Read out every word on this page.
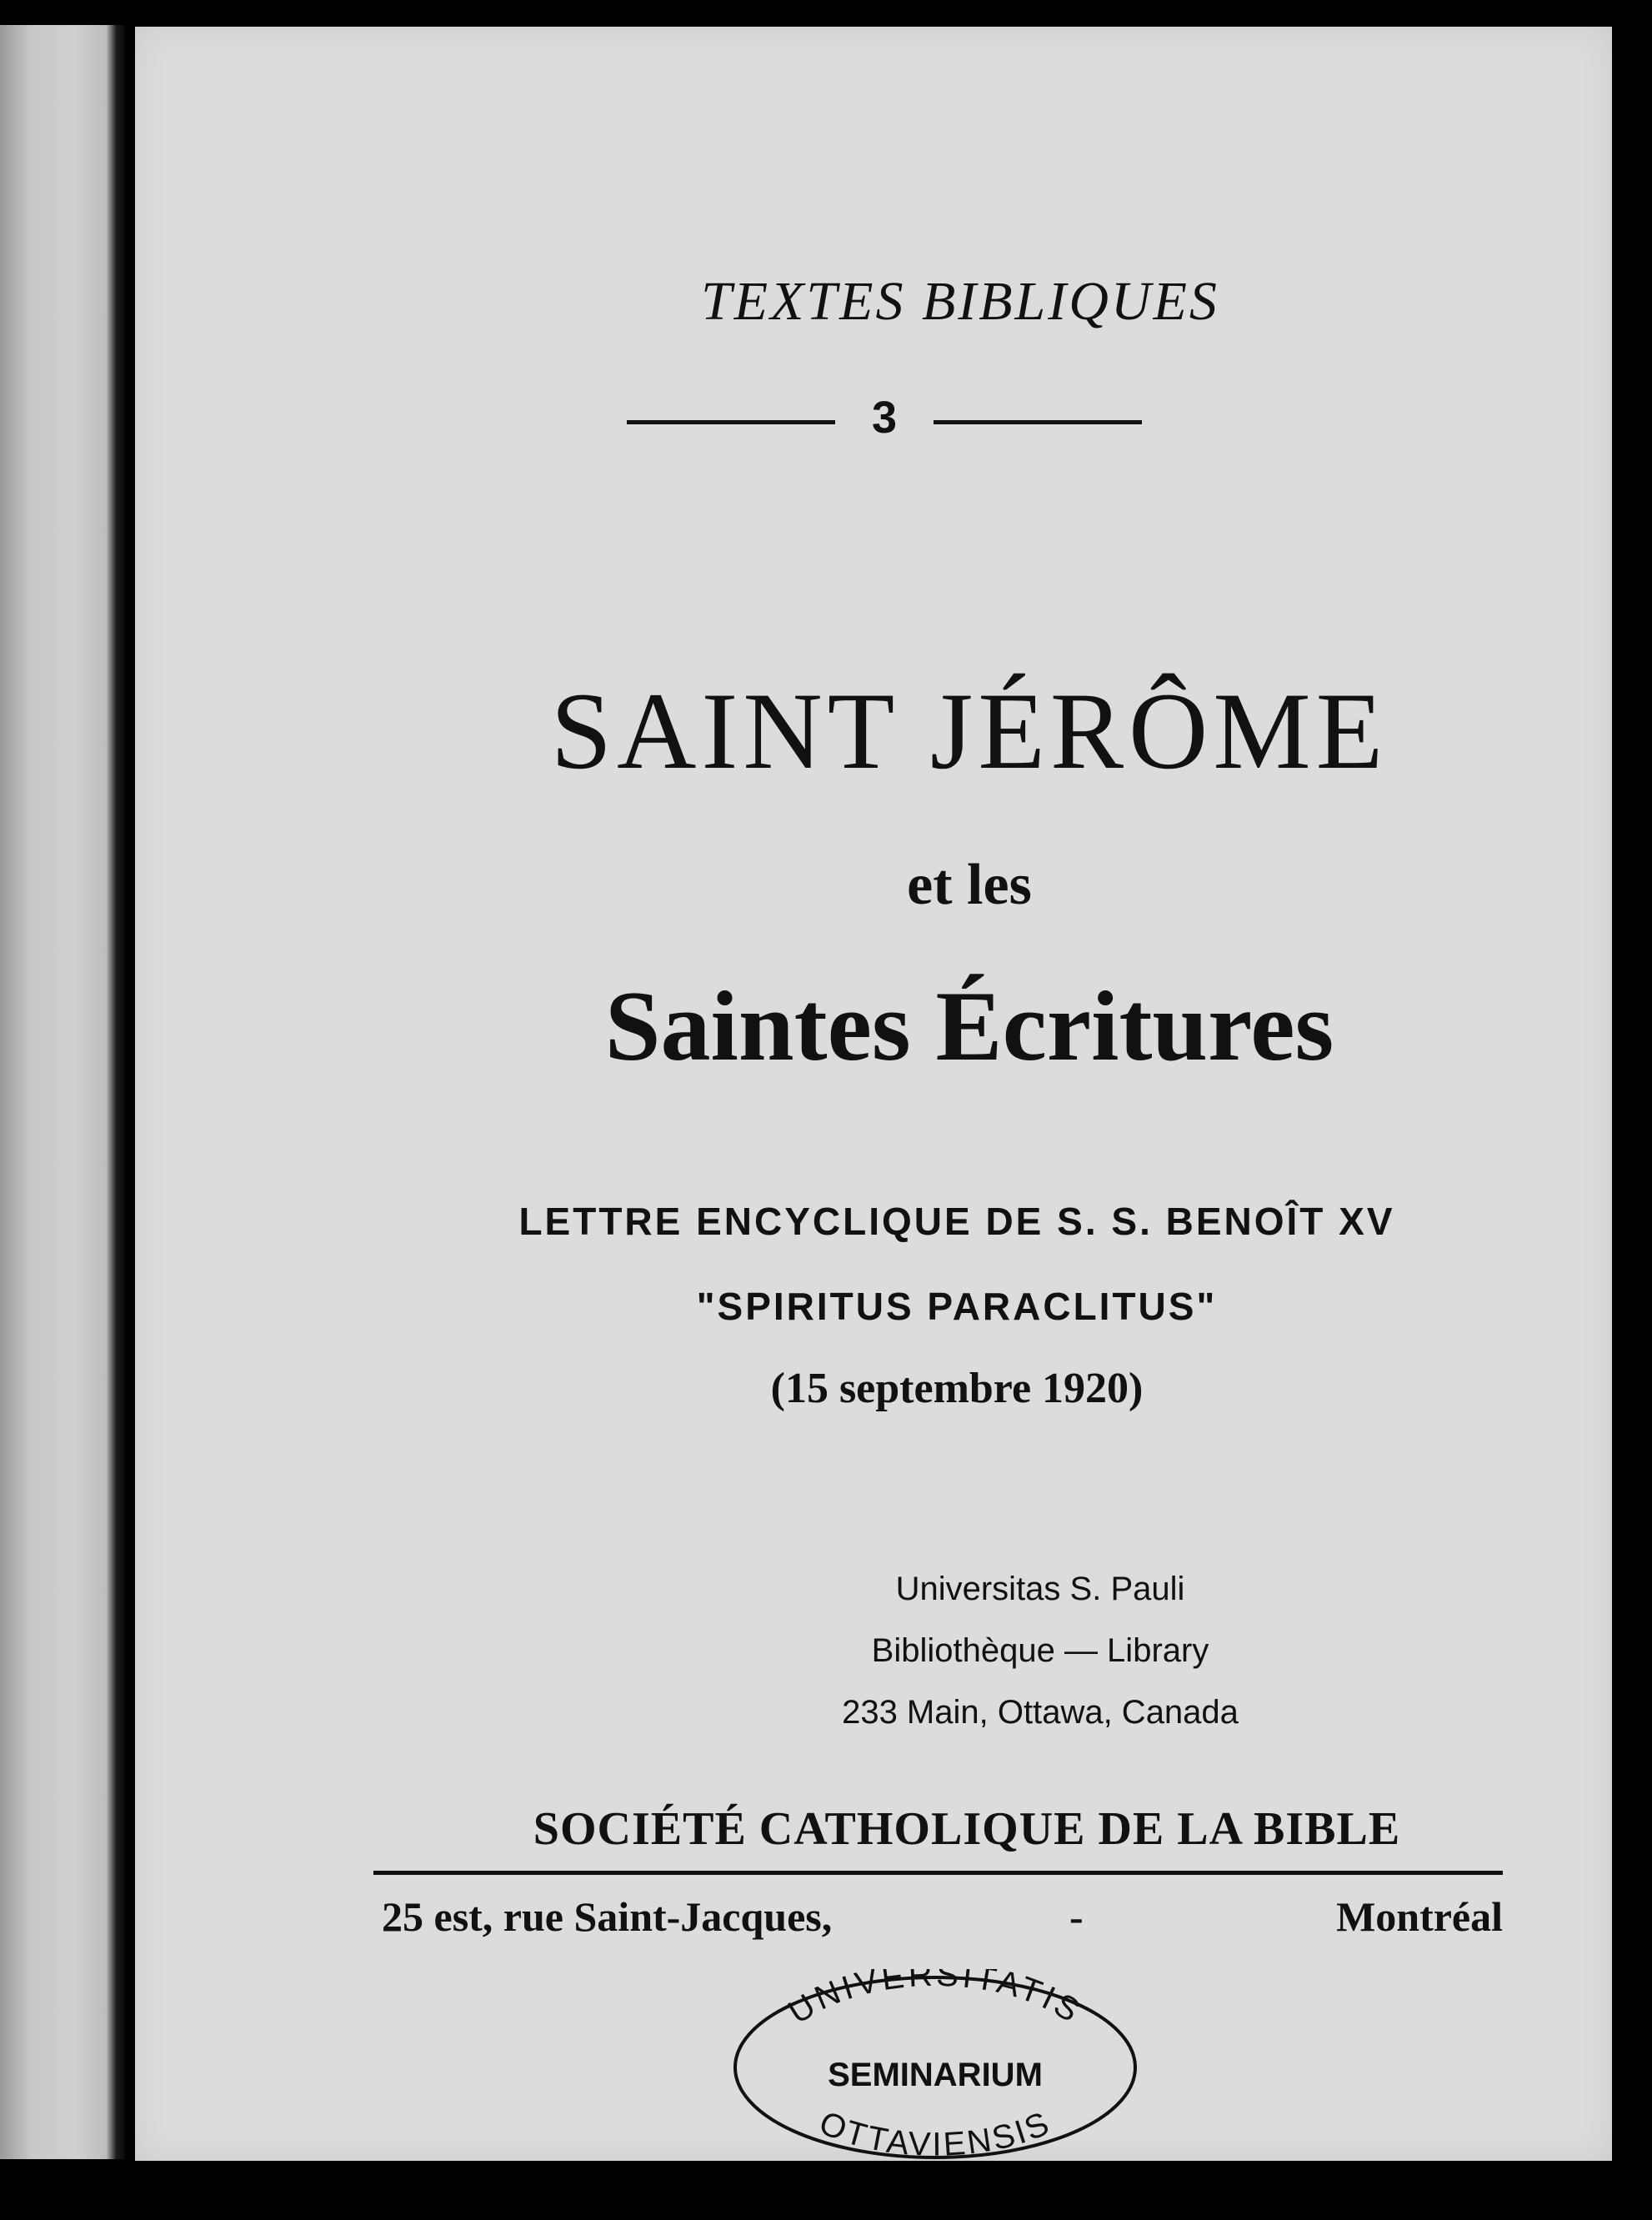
TEXTES BIBLIQUES
3
SAINT JÉRÔME
et les
Saintes Écritures
LETTRE ENCYCLIQUE DE S. S. BENOÎT XV
"SPIRITUS PARACLITUS"
(15 septembre 1920)
Universitas S. Pauli
Bibliothèque — Library
233 Main, Ottawa, Canada
SOCIÉTÉ CATHOLIQUE DE LA BIBLE
25 est, rue Saint-Jacques,	-	Montréal
UNIVERSITATIS
SEMINARIUM
OTTAVIENSIS
